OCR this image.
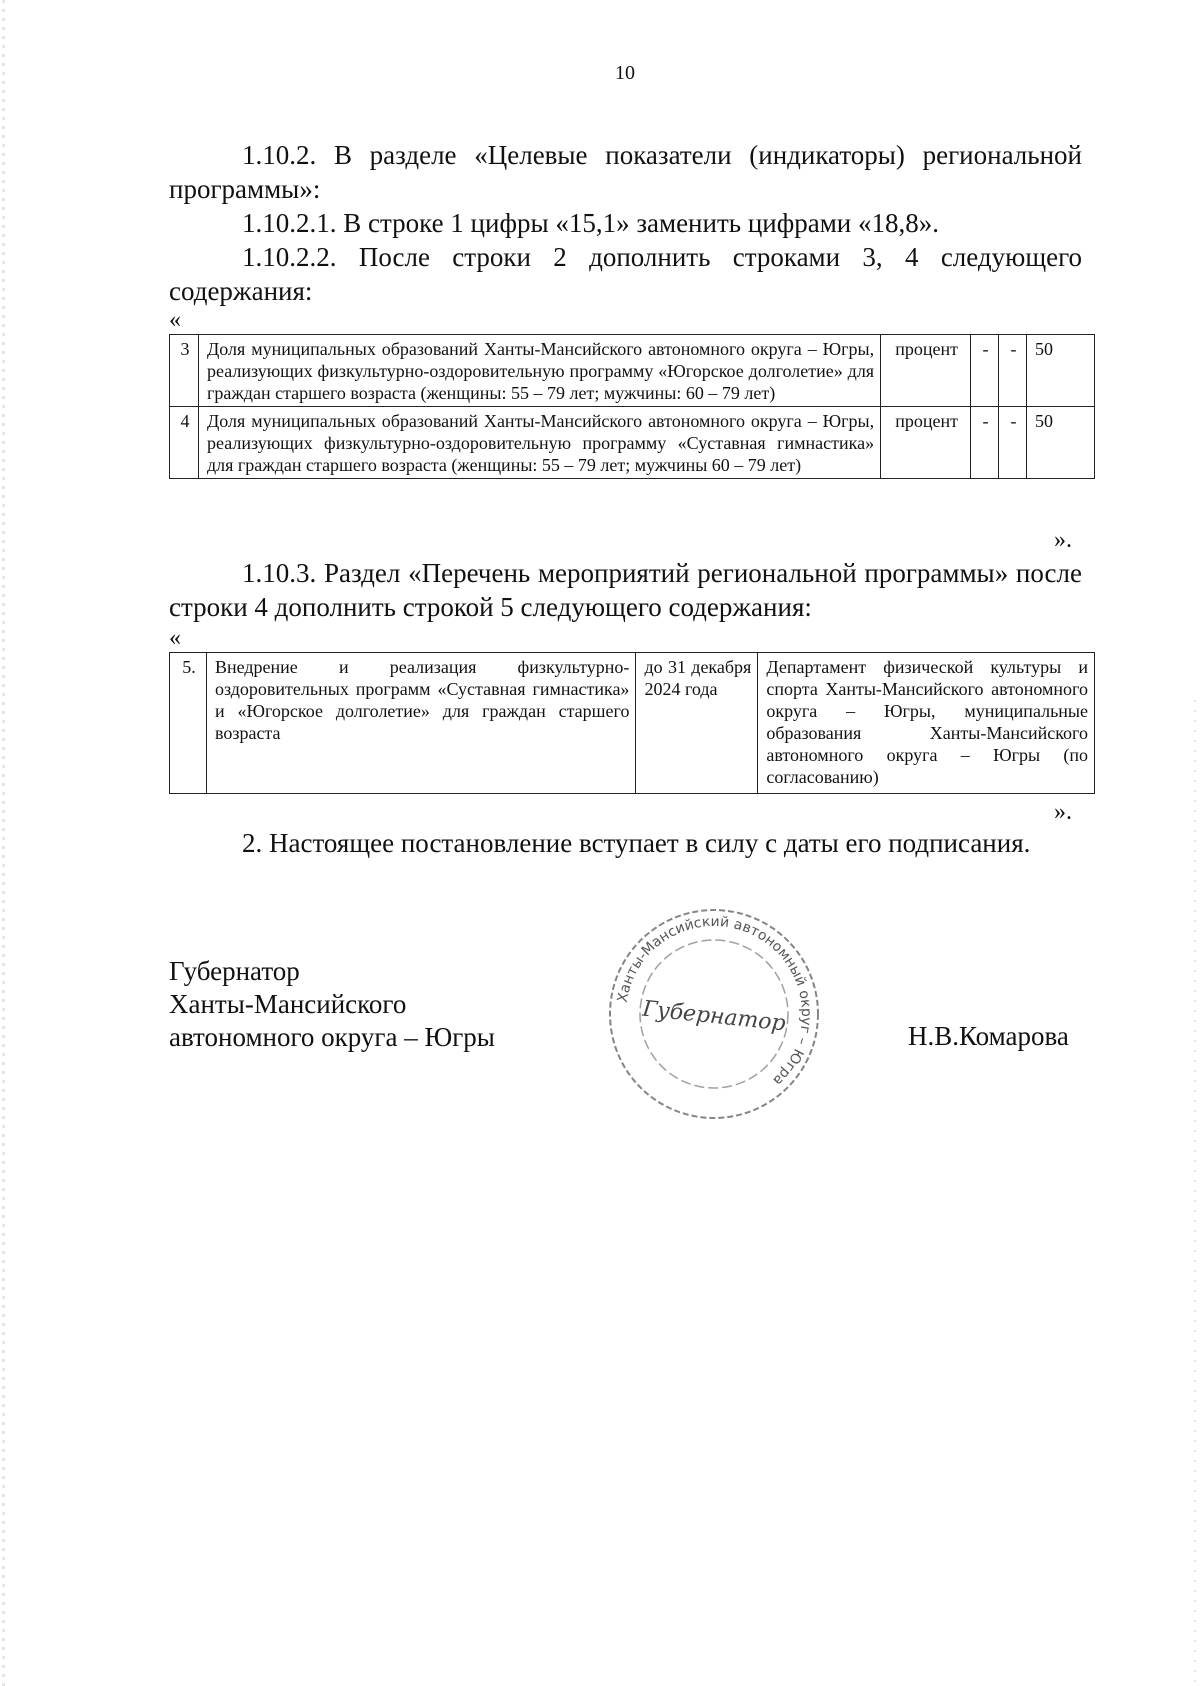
10

1.10.2. В разделе «Целевые показатели (индикаторы) региональной программы»:

1.10.2.1. В строке 1 цифры «15,1» заменить цифрами «18,8».

1.10.2.2. После строки 2 дополнить строками 3, 4 следующего содержания:

«
3	Доля муниципальных образований Ханты-Мансийского автономного округа – Югры, реализующих физкультурно-оздоровительную программу «Югорское долголетие» для граждан старшего возраста (женщины: 55 – 79 лет; мужчины: 60 – 79 лет)	процент	-	-	50
4	Доля муниципальных образований Ханты-Мансийского автономного округа – Югры, реализующих физкультурно-оздоровительную программу «Суставная гимнастика» для граждан старшего возраста (женщины: 55 – 79 лет; мужчины 60 – 79 лет)	процент	-	-	50
».

1.10.3. Раздел «Перечень мероприятий региональной программы» после строки 4 дополнить строкой 5 следующего содержания:

«
5.	Внедрение и реализация физкультурно-оздоровительных программ «Суставная гимнастика» и «Югорское долголетие» для граждан старшего возраста	до 31 декабря 2024 года	Департамент физической культуры и спорта Ханты-Мансийского автономного округа – Югры, муниципальные образования Ханты-Мансийского автономного округа – Югры (по согласованию)
».

2. Настоящее постановление вступает в силу с даты его подписания.

Губернатор
Ханты-Мансийского
автономного округа – Югры
Ханты-Мансийский автономный округ – Югра
Губернатор	Н.В.Комарова
